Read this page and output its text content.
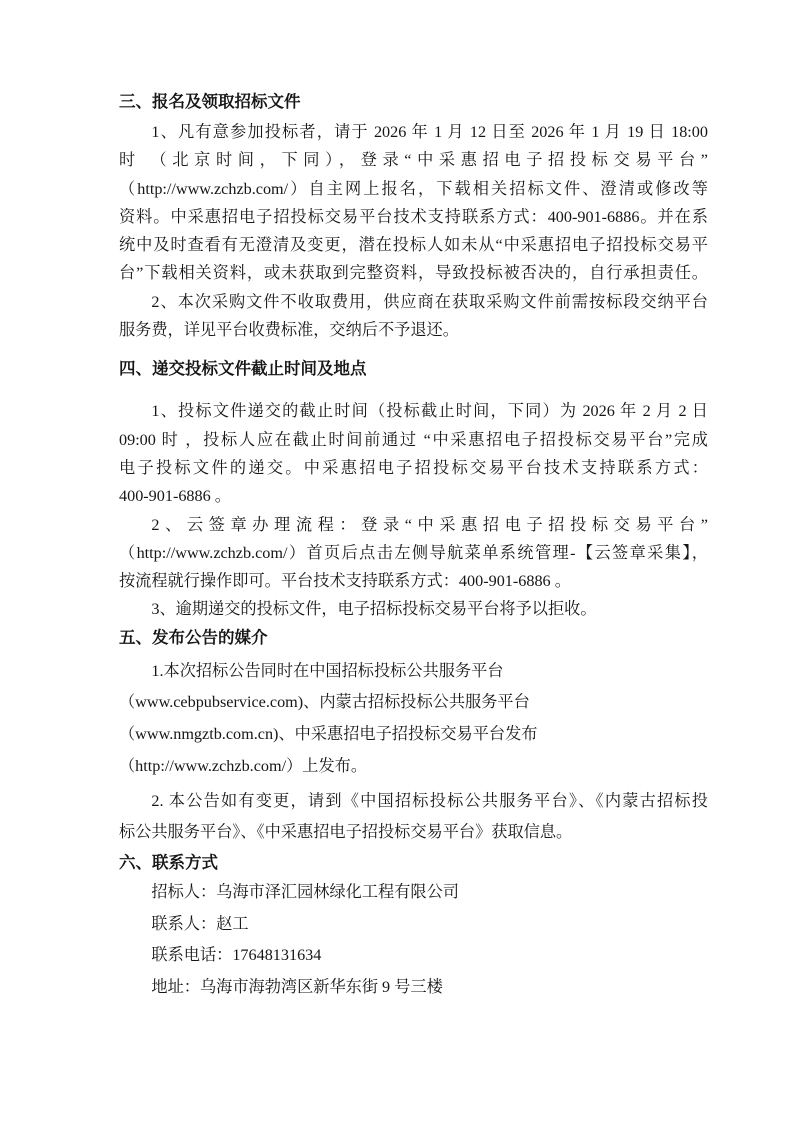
三、报名及领取招标文件
1、凡有意参加投标者，请于 2026 年 1 月 12 日至 2026 年 1 月 19 日 18:00
时 （北京时间，下同），登录“中采惠招电子招投标交易平台”
（http://www.zchzb.com/）自主网上报名，下载相关招标文件、澄清或修改等
资料。中采惠招电子招投标交易平台技术支持联系方式：400-901-6886。并在系
统中及时查看有无澄清及变更，潜在投标人如未从“中采惠招电子招投标交易平
台”下载相关资料，或未获取到完整资料，导致投标被否决的，自行承担责任。
2、本次采购文件不收取费用，供应商在获取采购文件前需按标段交纳平台
服务费，详见平台收费标准，交纳后不予退还。
四、递交投标文件截止时间及地点
1、投标文件递交的截止时间（投标截止时间，下同）为 2026 年 2 月 2 日
09:00 时 ，投标人应在截止时间前通过 “中采惠招电子招投标交易平台”完成
电子投标文件的递交。中采惠招电子招投标交易平台技术支持联系方式：
400-901-6886 。
2、云签章办理流程：登录“中采惠招电子招投标交易平台”
（http://www.zchzb.com/）首页后点击左侧导航菜单系统管理-【云签章采集】，
按流程就行操作即可。平台技术支持联系方式：400-901-6886 。
3、逾期递交的投标文件，电子招标投标交易平台将予以拒收。
五、发布公告的媒介
1.本次招标公告同时在中国招标投标公共服务平台
（www.cebpubservice.com)、内蒙古招标投标公共服务平台
（www.nmgztb.com.cn)、中采惠招电子招投标交易平台发布
（http://www.zchzb.com/）上发布。
2. 本公告如有变更，请到《中国招标投标公共服务平台》、《内蒙古招标投
标公共服务平台》、《中采惠招电子招投标交易平台》获取信息。
六、联系方式
招标人：乌海市泽汇园林绿化工程有限公司
联系人：赵工
联系电话：17648131634
地址：乌海市海勃湾区新华东街 9 号三楼
